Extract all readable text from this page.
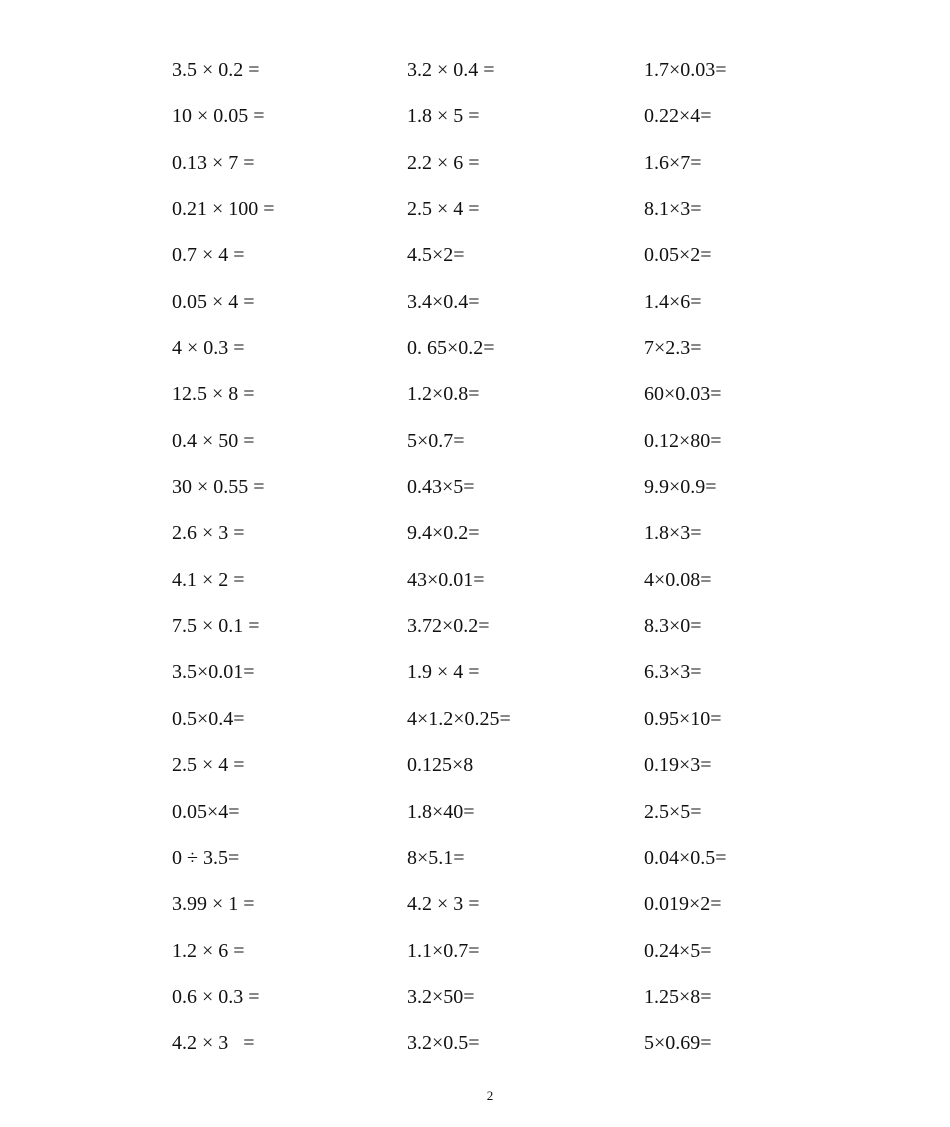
3.5 × 0.2 =	3.2 × 0.4 =	1.7×0.03=
10 × 0.05 =	1.8 × 5 =	0.22×4=
0.13 × 7 =	2.2 × 6 =	1.6×7=
0.21 × 100 =	2.5 × 4 =	8.1×3=
0.7 × 4 =	4.5×2=	0.05×2=
0.05 × 4 =	3.4×0.4=	1.4×6=
4 × 0.3 =	0. 65×0.2=	7×2.3=
12.5 × 8 =	1.2×0.8=	60×0.03=
0.4 × 50 =	5×0.7=	0.12×80=
30 × 0.55 =	0.43×5=	9.9×0.9=
2.6 × 3 =	9.4×0.2=	1.8×3=
4.1 × 2 =	43×0.01=	4×0.08=
7.5 × 0.1 =	3.72×0.2=	8.3×0=
3.5×0.01=	1.9 × 4 =	6.3×3=
0.5×0.4=	4×1.2×0.25=	0.95×10=
2.5 × 4 =	0.125×8	0.19×3=
0.05×4=	1.8×40=	2.5×5=
0 ÷ 3.5=	8×5.1=	0.04×0.5=
3.99 × 1 =	4.2 × 3 =	0.019×2=
1.2 × 6 =	1.1×0.7=	0.24×5=
0.6 × 0.3 =	3.2×50=	1.25×8=
4.2 × 3   =	3.2×0.5=	5×0.69=
2
